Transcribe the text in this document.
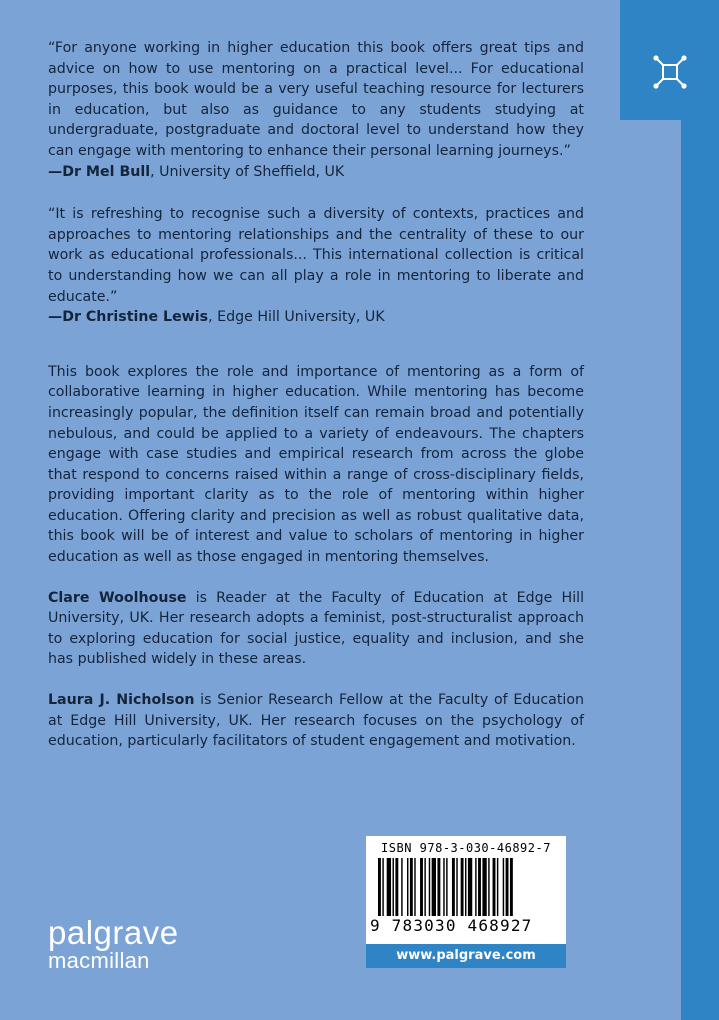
“For anyone working in higher education this book offers great tips and advice on how to use mentoring on a practical level... For educational purposes, this book would be a very useful teaching resource for lecturers in education, but also as guidance to any students studying at undergraduate, postgraduate and doctoral level to understand how they can engage with mentoring to enhance their personal learning journeys.”

—Dr Mel Bull, University of Sheffield, UK

“It is refreshing to recognise such a diversity of contexts, practices and approaches to mentoring relationships and the centrality of these to our work as educational professionals... This international collection is critical to understanding how we can all play a role in mentoring to liberate and educate.”

—Dr Christine Lewis, Edge Hill University, UK

This book explores the role and importance of mentoring as a form of collaborative learning in higher education. While mentoring has become increasingly popular, the definition itself can remain broad and potentially nebulous, and could be applied to a variety of endeavours. The chapters engage with case studies and empirical research from across the globe that respond to concerns raised within a range of cross-disciplinary fields, providing important clarity as to the role of mentoring within higher education. Offering clarity and precision as well as robust qualitative data, this book will be of interest and value to scholars of mentoring in higher education as well as those engaged in mentoring themselves.

Clare Woolhouse is Reader at the Faculty of Education at Edge Hill University, UK. Her research adopts a feminist, post-structuralist approach to exploring education for social justice, equality and inclusion, and she has published widely in these areas.

Laura J. Nicholson is Senior Research Fellow at the Faculty of Education at Edge Hill University, UK. Her research focuses on the psychology of education, particularly facilitators of student engagement and motivation.

ISBN 978-3-030-46892-7
9 783030 468927
www.palgrave.com
palgrave
macmillan
